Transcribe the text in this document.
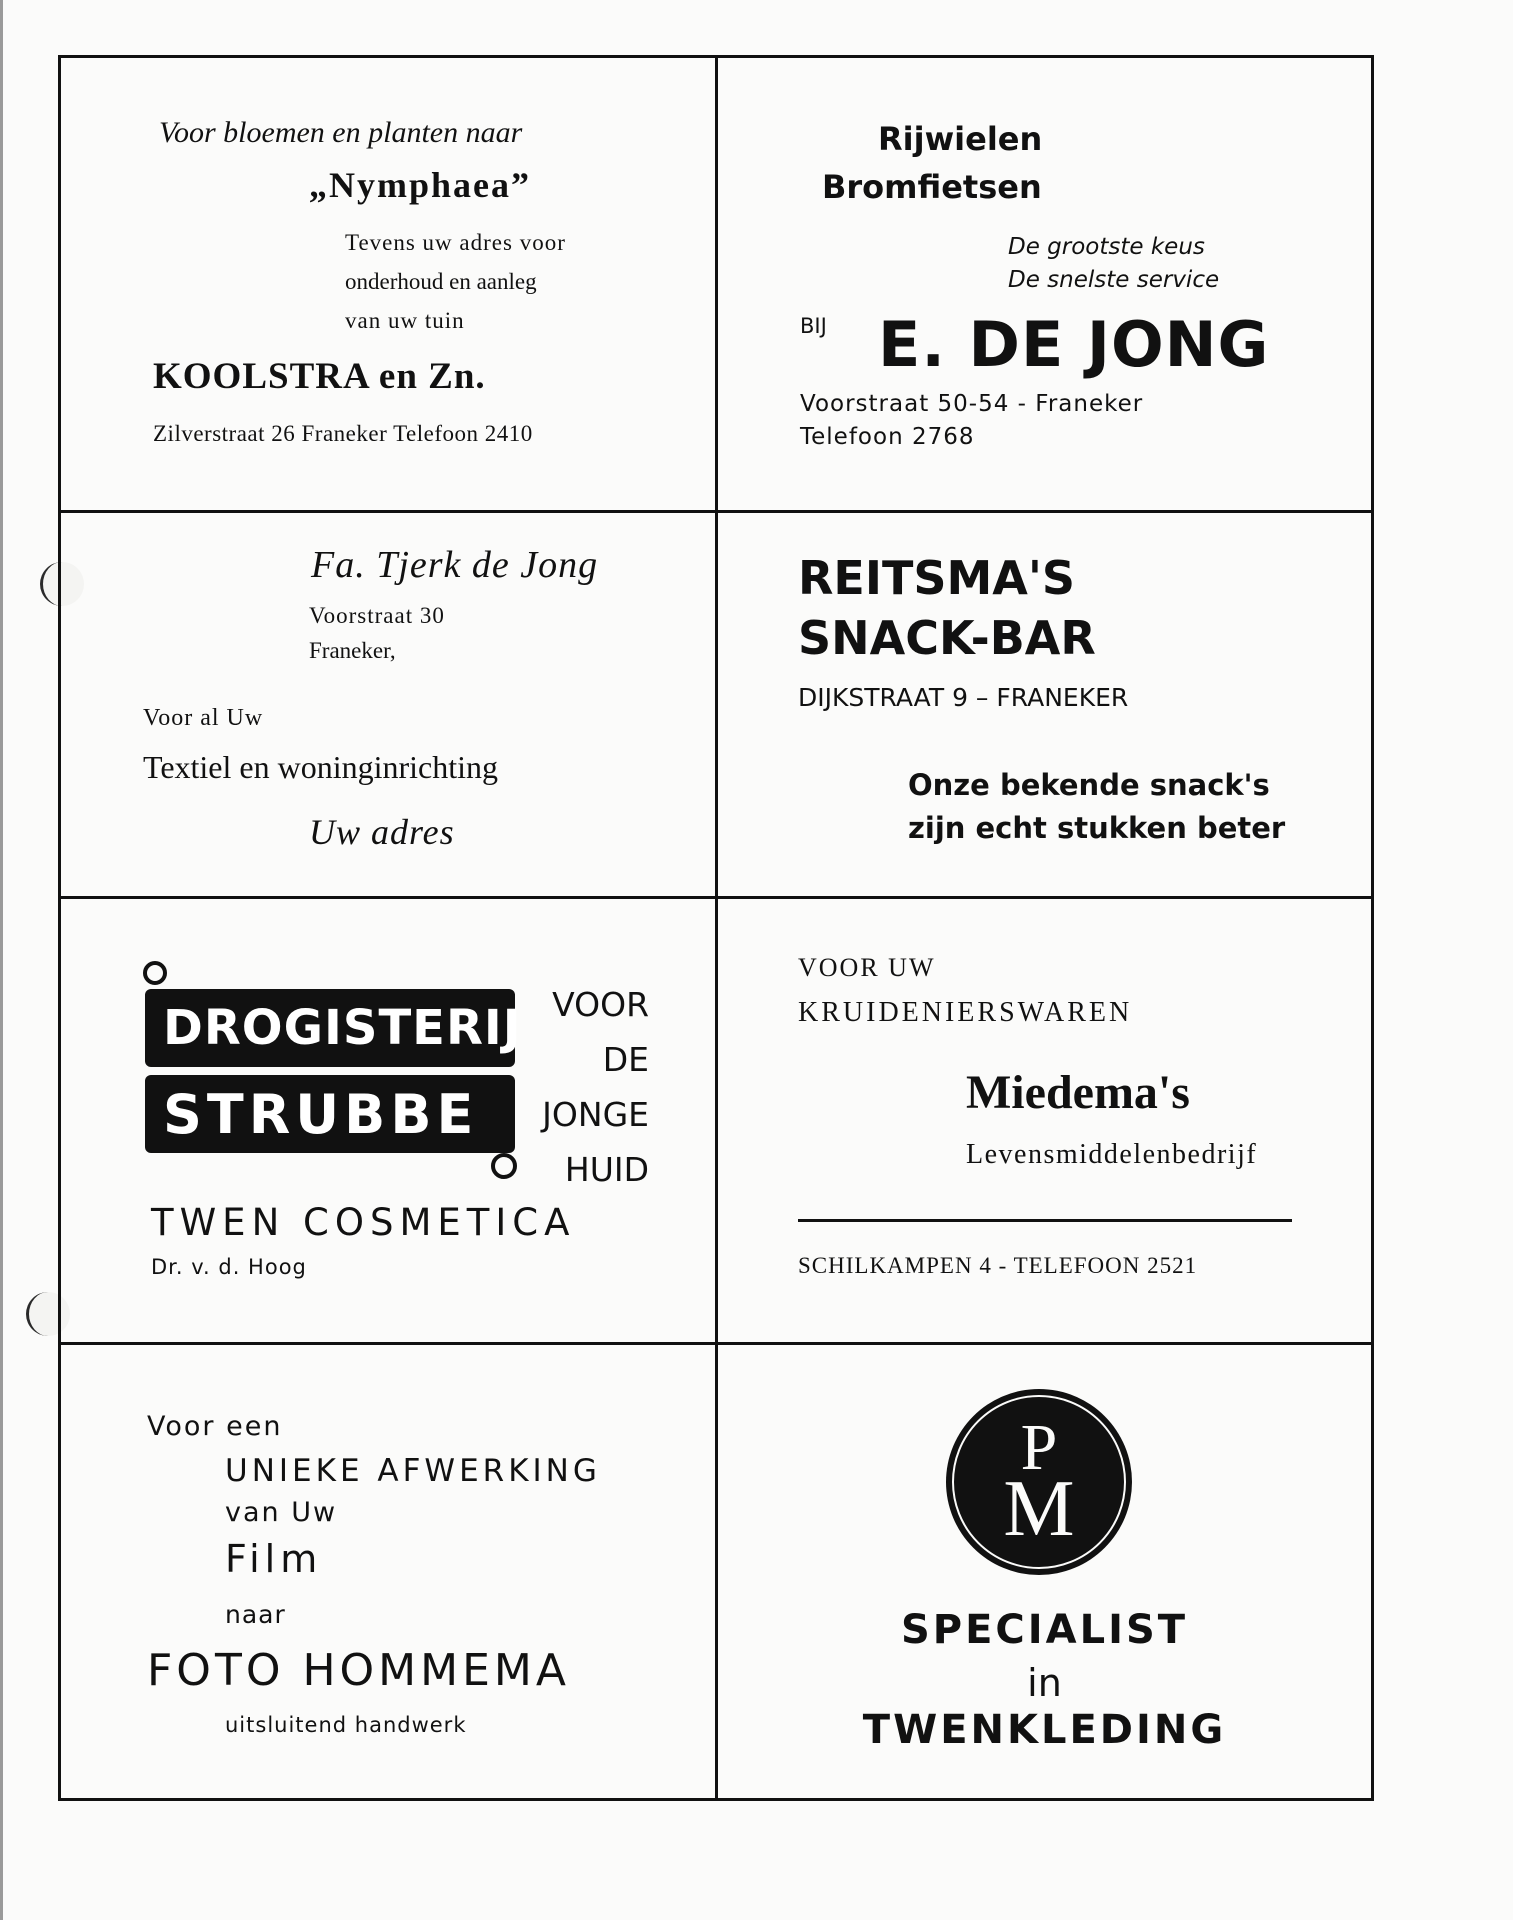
Voor bloemen en planten naar
„Nymphaea”
Tevens uw adres voor
onderhoud en aanleg
van uw tuin
KOOLSTRA en Zn.
Zilverstraat 26 Franeker Telefoon 2410
Rijwielen
Bromfietsen
De grootste keus
De snelste service
BIJ E. DE JONG
Voorstraat 50-54 - Franeker
Telefoon 2768
Fa. Tjerk de Jong
Voorstraat 30
Franeker,
Voor al Uw
Textiel en woninginrichting
Uw adres
REITSMA'S
SNACK-BAR
DIJKSTRAAT 9 – FRANEKER
Onze bekende snack's
zijn echt stukken beter
DROGISTERIJ
STRUBBE
VOOR
DE
JONGE
HUID
TWEN COSMETICA
Dr. v. d. Hoog
VOOR UW
KRUIDENIERSWAREN
Miedema's
Levensmiddelenbedrijf
SCHILKAMPEN 4 - TELEFOON 2521
Voor een
UNIEKE AFWERKING
van Uw
Film
naar
FOTO HOMMEMA
uitsluitend handwerk
P
M
SPECIALIST
in
TWENKLEDING
